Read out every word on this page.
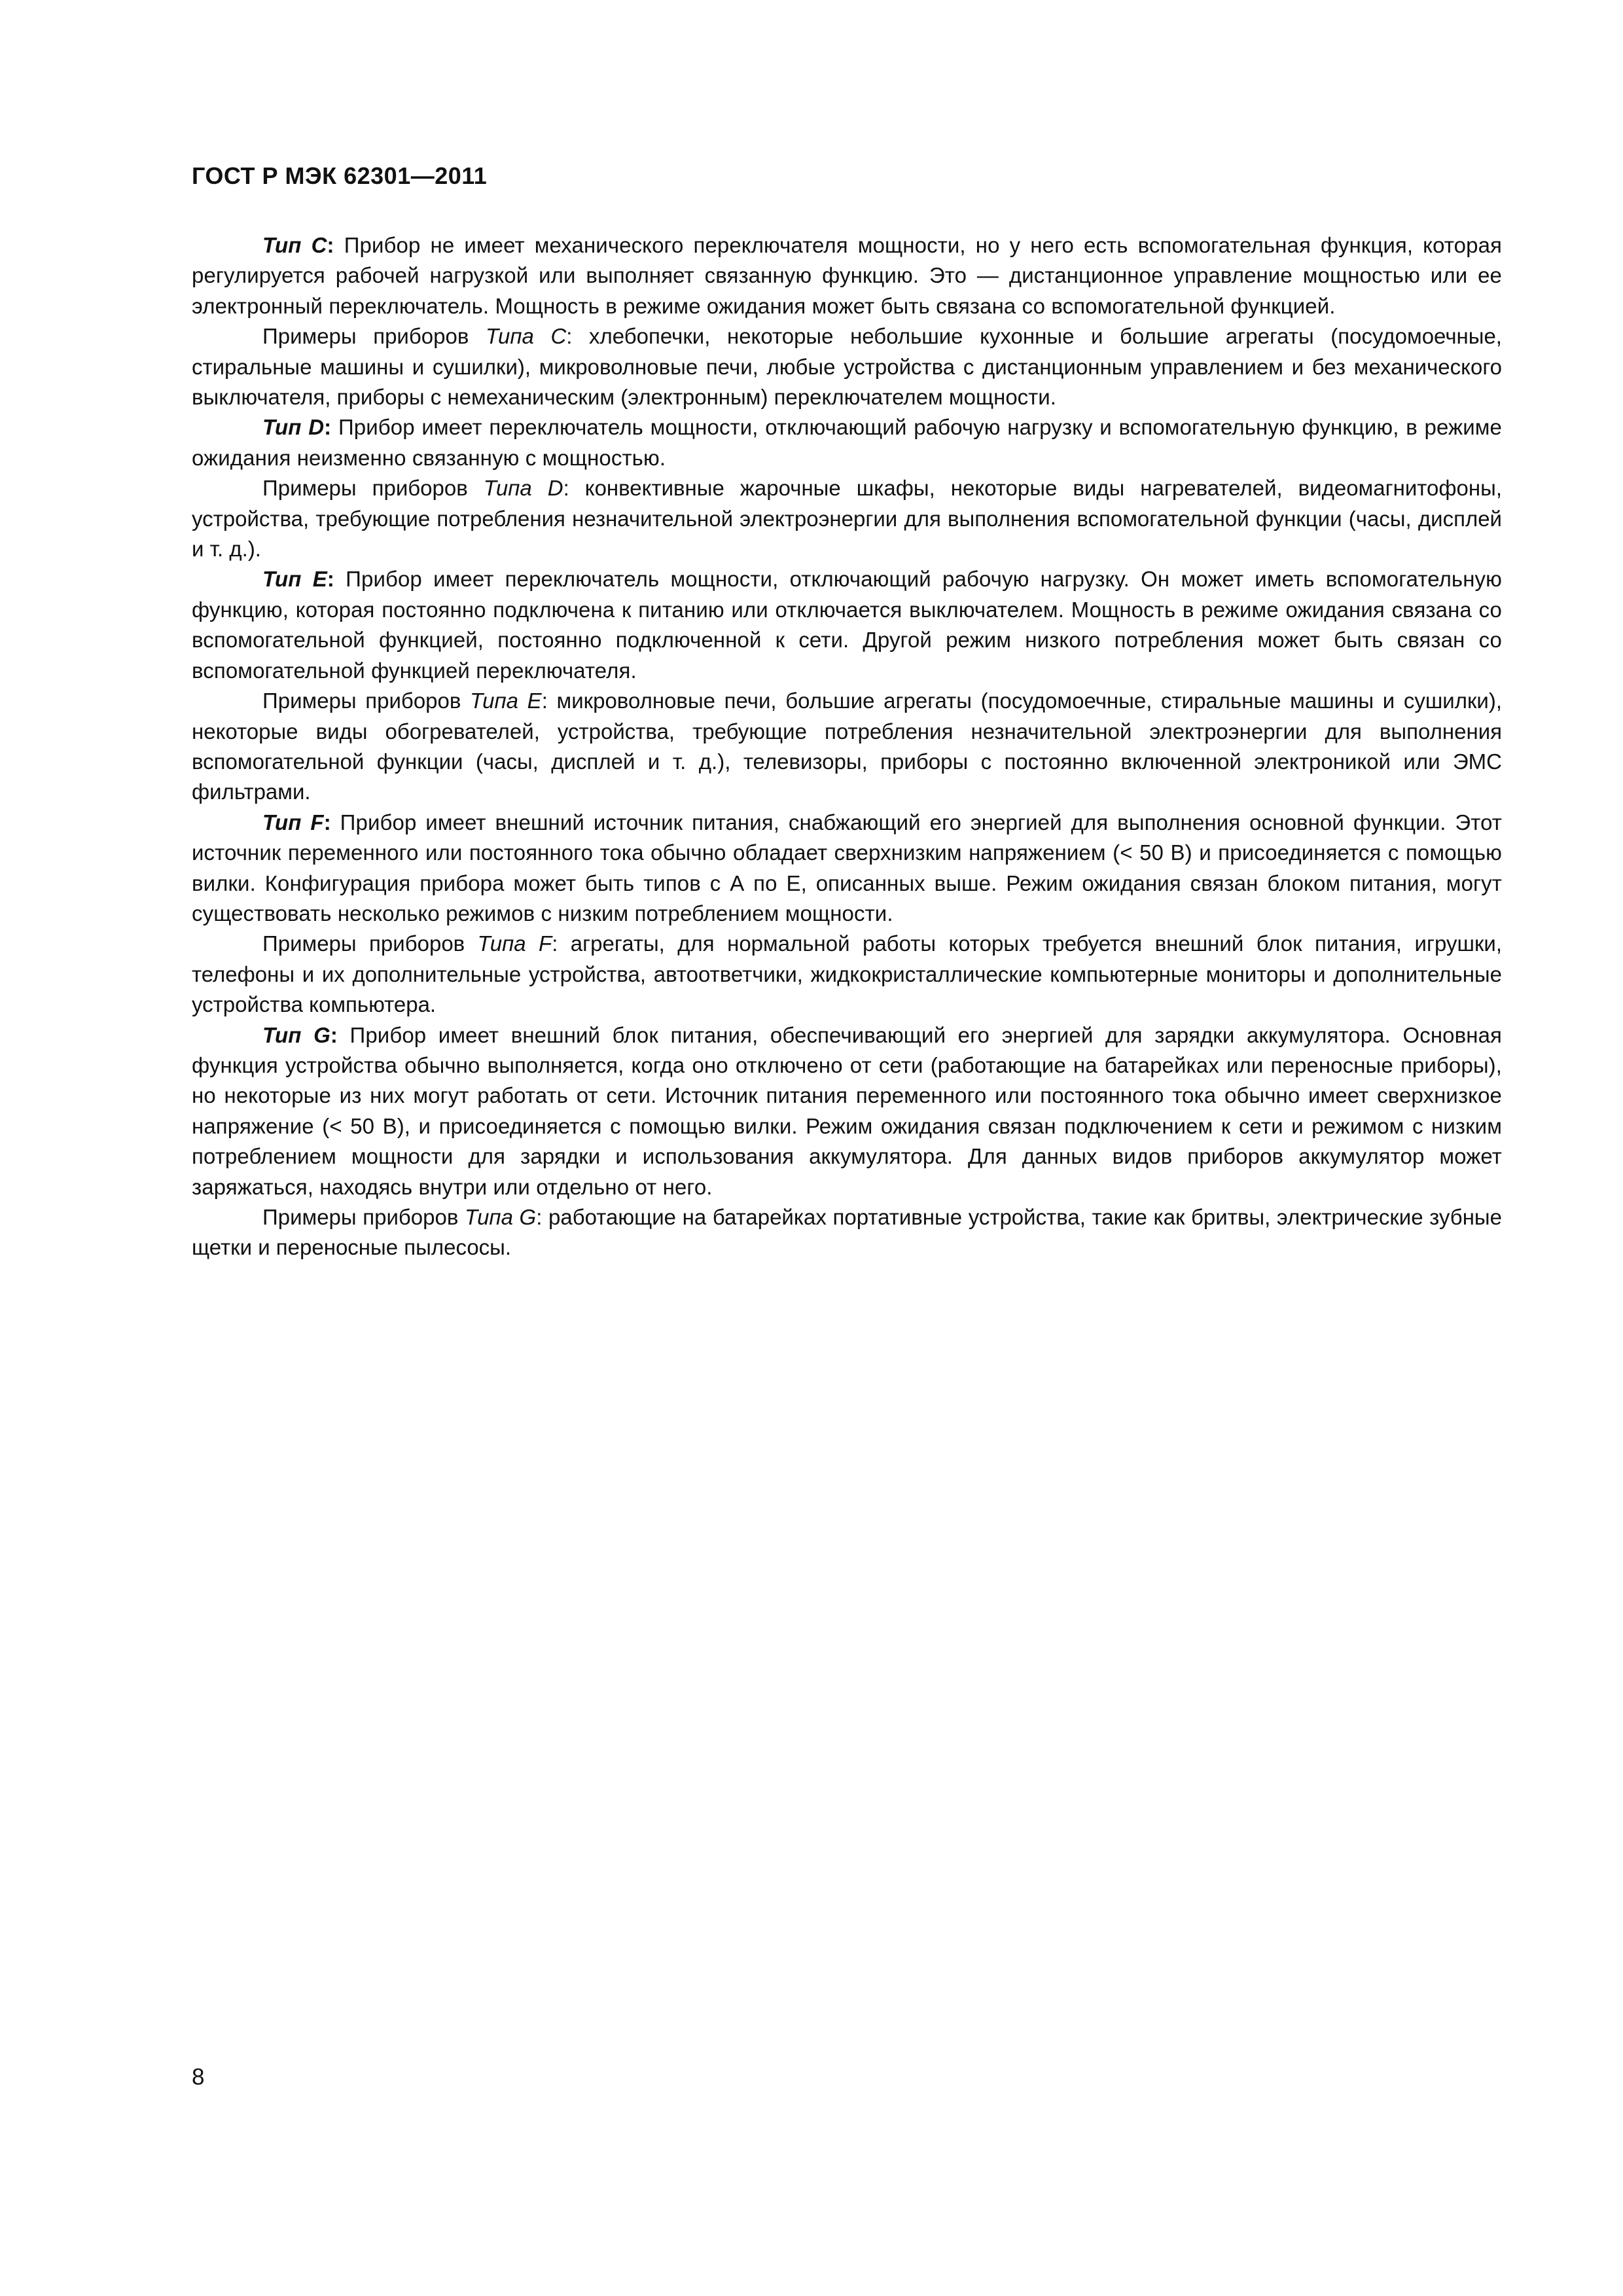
ГОСТ Р МЭК 62301—2011

Тип C: Прибор не имеет механического переключателя мощности, но у него есть вспомогательная функция, которая регулируется рабочей нагрузкой или выполняет связанную функцию. Это — дистанционное управление мощностью или ее электронный переключатель. Мощность в режиме ожидания может быть связана со вспомогательной функцией.

Примеры приборов Типа C: хлебопечки, некоторые небольшие кухонные и большие агрегаты (посудомоечные, стиральные машины и сушилки), микроволновые печи, любые устройства с дистанционным управлением и без механического выключателя, приборы с немеханическим (электронным) переключателем мощности.

Тип D: Прибор имеет переключатель мощности, отключающий рабочую нагрузку и вспомогательную функцию, в режиме ожидания неизменно связанную с мощностью.

Примеры приборов Типа D: конвективные жарочные шкафы, некоторые виды нагревателей, видеомагнитофоны, устройства, требующие потребления незначительной электроэнергии для выполнения вспомогательной функции (часы, дисплей и т. д.).

Тип E: Прибор имеет переключатель мощности, отключающий рабочую нагрузку. Он может иметь вспомогательную функцию, которая постоянно подключена к питанию или отключается выключателем. Мощность в режиме ожидания связана со вспомогательной функцией, постоянно подключенной к сети. Другой режим низкого потребления может быть связан со вспомогательной функцией переключателя.

Примеры приборов Типа E: микроволновые печи, большие агрегаты (посудомоечные, стиральные машины и сушилки), некоторые виды обогревателей, устройства, требующие потребления незначительной электроэнергии для выполнения вспомогательной функции (часы, дисплей и т. д.), телевизоры, приборы с постоянно включенной электроникой или ЭМС фильтрами.

Тип F: Прибор имеет внешний источник питания, снабжающий его энергией для выполнения основной функции. Этот источник переменного или постоянного тока обычно обладает сверхнизким напряжением (< 50 В) и присоединяется с помощью вилки. Конфигурация прибора может быть типов с А по Е, описанных выше. Режим ожидания связан блоком питания, могут существовать несколько режимов с низким потреблением мощности.

Примеры приборов Типа F: агрегаты, для нормальной работы которых требуется внешний блок питания, игрушки, телефоны и их дополнительные устройства, автоответчики, жидкокристаллические компьютерные мониторы и дополнительные устройства компьютера.

Тип G: Прибор имеет внешний блок питания, обеспечивающий его энергией для зарядки аккумулятора. Основная функция устройства обычно выполняется, когда оно отключено от сети (работающие на батарейках или переносные приборы), но некоторые из них могут работать от сети. Источник питания переменного или постоянного тока обычно имеет сверхнизкое напряжение (< 50 В), и присоединяется с помощью вилки. Режим ожидания связан подключением к сети и режимом с низким потреблением мощности для зарядки и использования аккумулятора. Для данных видов приборов аккумулятор может заряжаться, находясь внутри или отдельно от него.

Примеры приборов Типа G: работающие на батарейках портативные устройства, такие как бритвы, электрические зубные щетки и переносные пылесосы.

8
